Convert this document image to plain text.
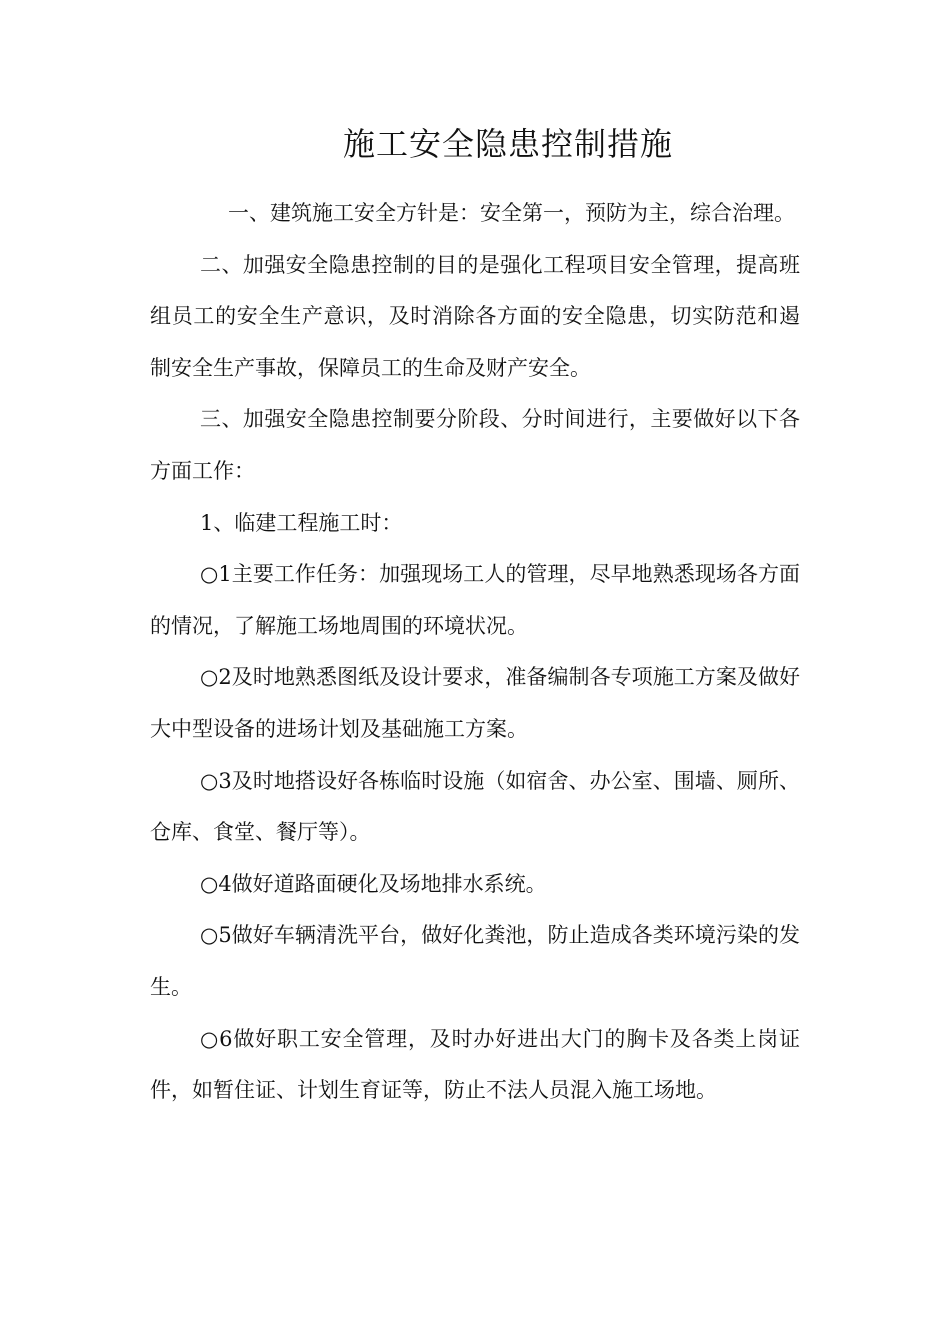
施工安全隐患控制措施

一、建筑施工安全方针是：安全第一，预防为主，综合治理。

二、加强安全隐患控制的目的是强化工程项目安全管理，提高班组员工的安全生产意识，及时消除各方面的安全隐患，切实防范和遏制安全生产事故，保障员工的生命及财产安全。

三、加强安全隐患控制要分阶段、分时间进行，主要做好以下各方面工作：

1、临建工程施工时：

○1主要工作任务：加强现场工人的管理，尽早地熟悉现场各方面的情况，了解施工场地周围的环境状况。

○2及时地熟悉图纸及设计要求，准备编制各专项施工方案及做好大中型设备的进场计划及基础施工方案。

○3及时地搭设好各栋临时设施（如宿舍、办公室、围墙、厕所、仓库、食堂、餐厅等）。

○4做好道路面硬化及场地排水系统。

○5做好车辆清洗平台，做好化粪池，防止造成各类环境污染的发生。

○6做好职工安全管理，及时办好进出大门的胸卡及各类上岗证件，如暂住证、计划生育证等，防止不法人员混入施工场地。
